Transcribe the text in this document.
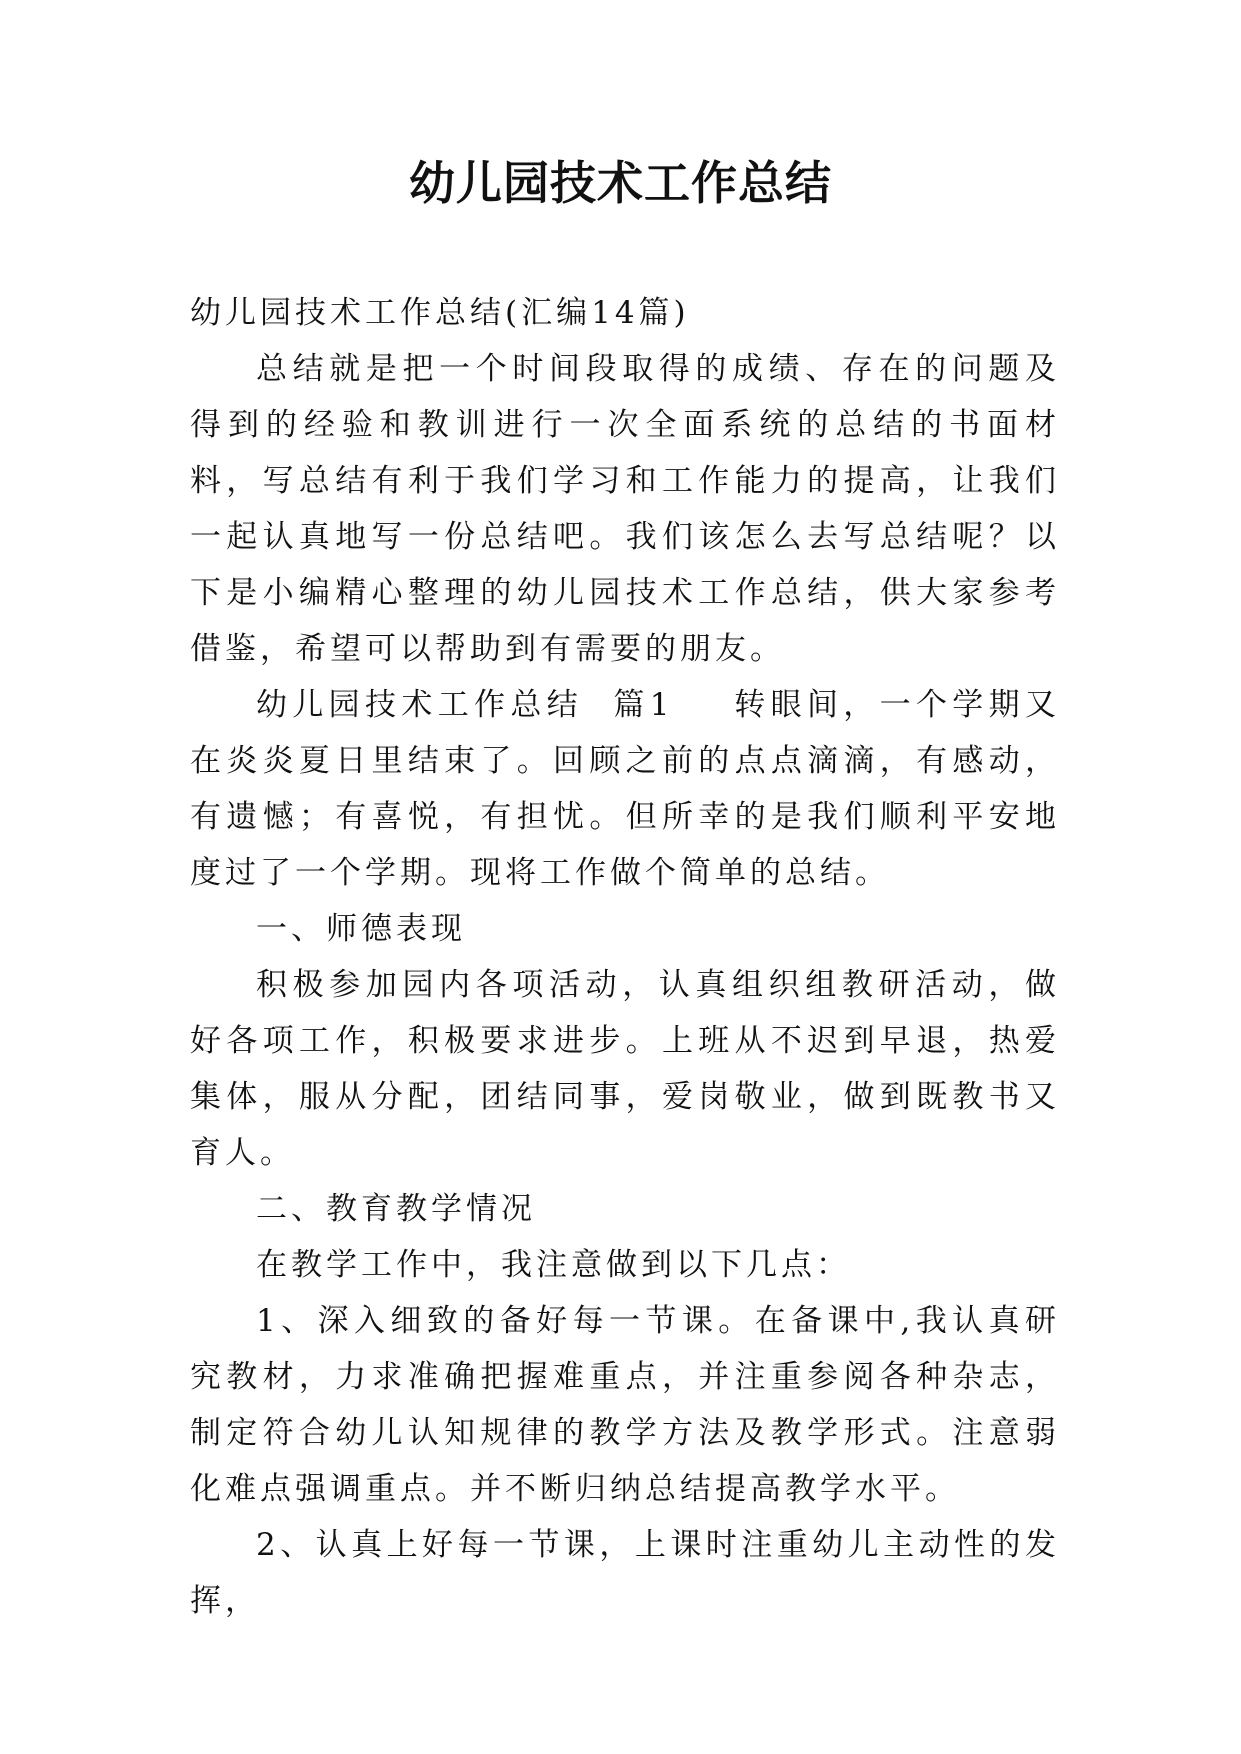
幼儿园技术工作总结

幼儿园技术工作总结(汇编14篇)

总结就是把一个时间段取得的成绩、存在的问题及得到的经验和教训进行一次全面系统的总结的书面材料，写总结有利于我们学习和工作能力的提高，让我们一起认真地写一份总结吧。我们该怎么去写总结呢？以下是小编精心整理的幼儿园技术工作总结，供大家参考借鉴，希望可以帮助到有需要的朋友。

幼儿园技术工作总结  篇1    转眼间，一个学期又在炎炎夏日里结束了。回顾之前的点点滴滴，有感动，有遗憾；有喜悦，有担忧。但所幸的是我们顺利平安地度过了一个学期。现将工作做个简单的总结。

一、师德表现

积极参加园内各项活动，认真组织组教研活动，做好各项工作，积极要求进步。上班从不迟到早退，热爱集体，服从分配，团结同事，爱岗敬业，做到既教书又育人。

二、教育教学情况

在教学工作中，我注意做到以下几点：

1、深入细致的备好每一节课。在备课中,我认真研究教材，力求准确把握难重点，并注重参阅各种杂志，制定符合幼儿认知规律的教学方法及教学形式。注意弱化难点强调重点。并不断归纳总结提高教学水平。

2、认真上好每一节课，上课时注重幼儿主动性的发挥，
